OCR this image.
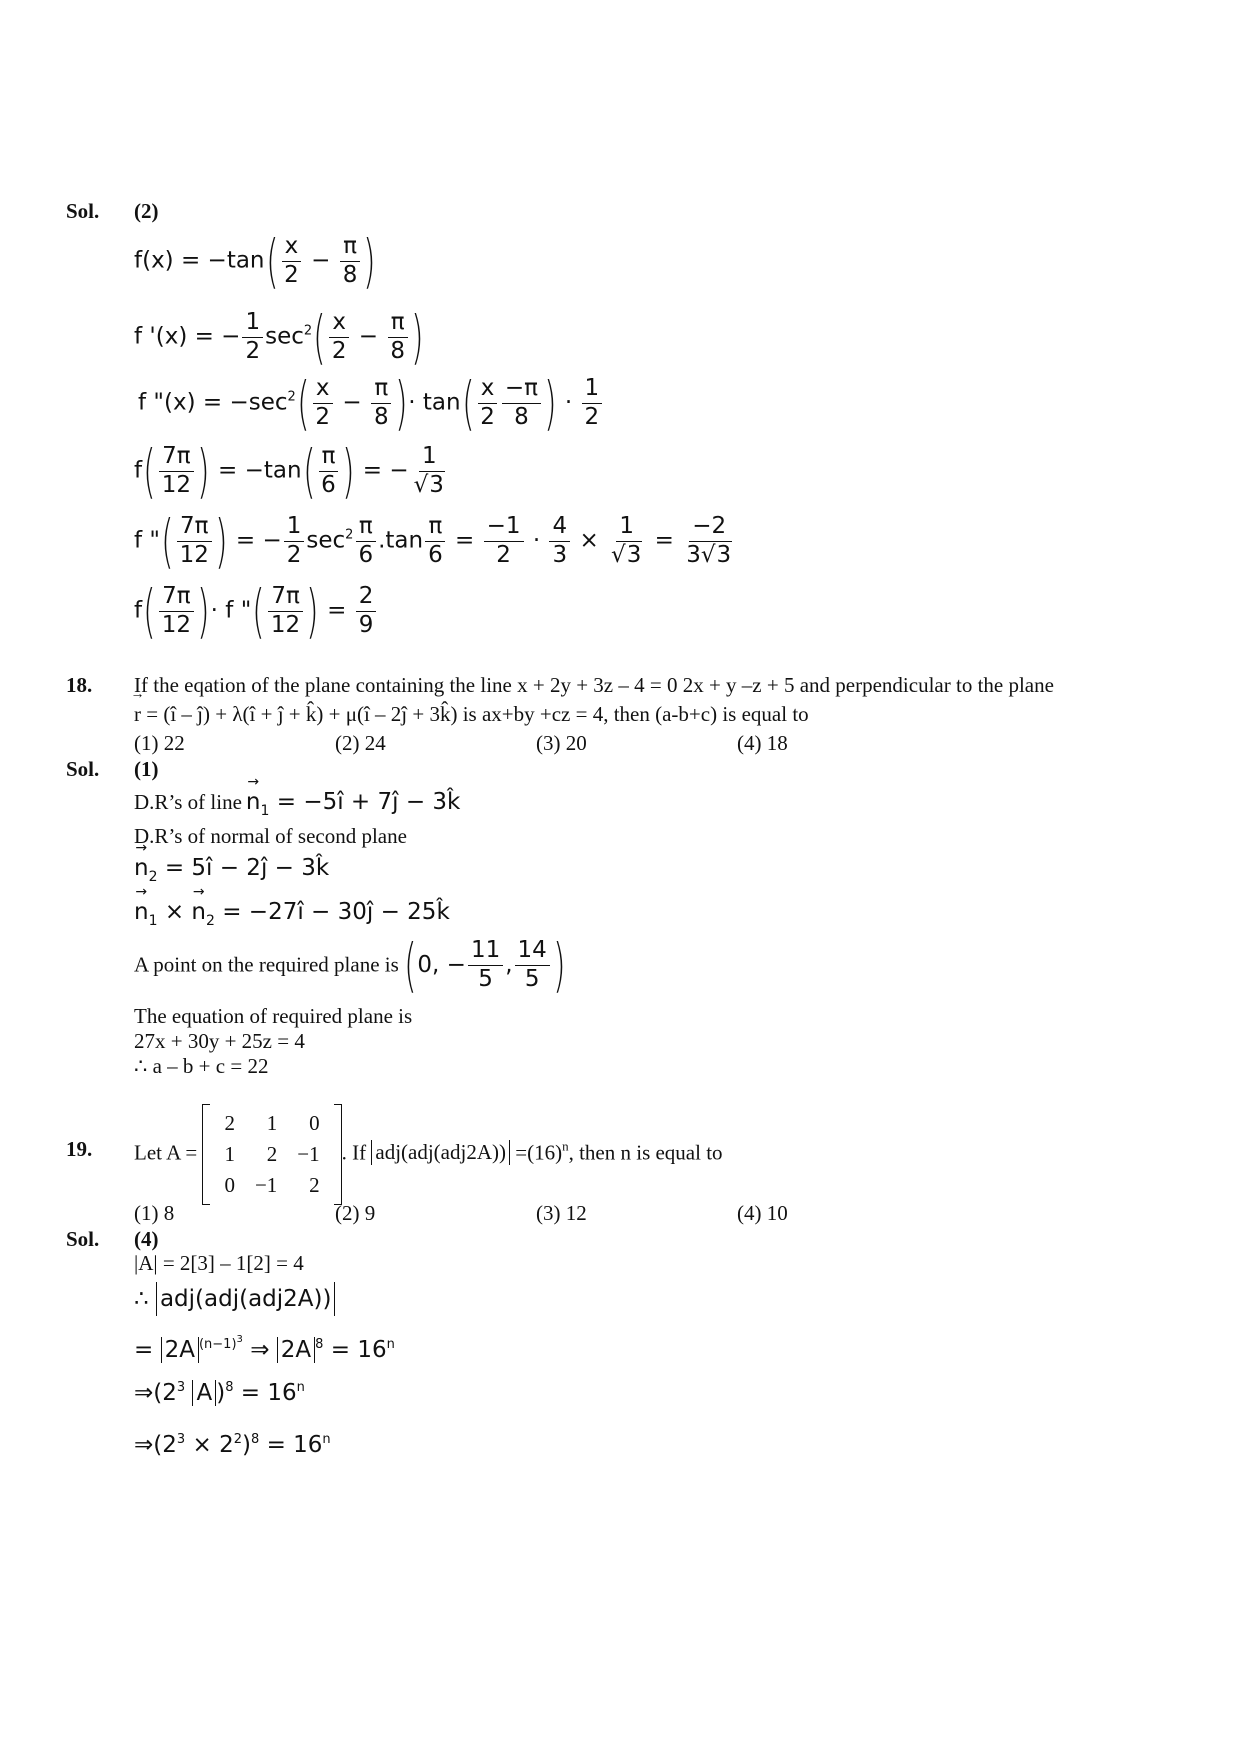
Sol. (2)
$f(x) = -\tan( \frac{x}{2} - \frac{\pi}{8}$ )
f '(x) = − $\frac{1}{2} \sec^2( \frac{x}{2} - \frac{\pi}{8}$ )
f "$(x) = -\sec^2( \frac{x}{2} - \frac{\pi}{8}$ )· $\tan( \frac{x}{2} \frac{-\pi}{8}$ ) · $\frac{1}{2}$
$f( \frac{7\pi}{12}$ ) = $-\tan( \frac{\pi}{6}$ ) = − $\frac{1}{√3}$
f "( $\frac{7\pi}{12}$ ) = − $\frac{1}{2} \sec^2 \frac{\pi}{6} .\tan \frac{\pi}{6} = \frac{-1}{2} \cdot \frac{4}{3} \times \frac{1}{√3} = \frac{-2}{3√3}$
$f( \frac{7\pi}{12}$ )· f "( $\frac{7\pi}{12}$ ) = $\frac{2}{9}$
18. If the eqation of the plane containing the line x + 2y + 3z – 4 = 0 2x + y –z + 5 and perpendicular to the plane
r → = (î – ĵ) + λ(î + ĵ + k̂) + μ(î – 2ĵ + 3k̂) is ax+by +cz = 4, then (a-b+c) is equal to
(1) 22	(2) 24	(3) 20	(4) 18
Sol. (1)
D.R’s of line $n \to_1$ = −5î + 7ĵ − 3k̂
D.R’s of normal of second plane
$n \to_2$ = 5î − 2ĵ − 3k̂
$n \to_1 \times n \to_2$ = −27î − 30ĵ − 25k̂
A point on the required plane is (0, − $\frac{11}{5}$ , $\frac{14}{5}$ )
The equation of required plane is
27x + 30y + 25z = 4
∴ a – b + c = 22
19. Let A =
2	1	0
1	2	−1
0	−1	2
. If $adj(adj(adj2A)) =(16)^n$, then n is equal to
(1) 8	(2) 9	(3) 12	(4) 10
Sol. (4)
|A| = 2[3] – 1[2] = 4
∴ adj(adj(adj2A))
= 2A $^{(n-1)^3}$ ⇒ 2A $^8 = 16^n$
$\Rightarrow(2^3$ A )$^8 = 16^n$
$\Rightarrow(2^3 \times 2^2)^8 = 16^n$
